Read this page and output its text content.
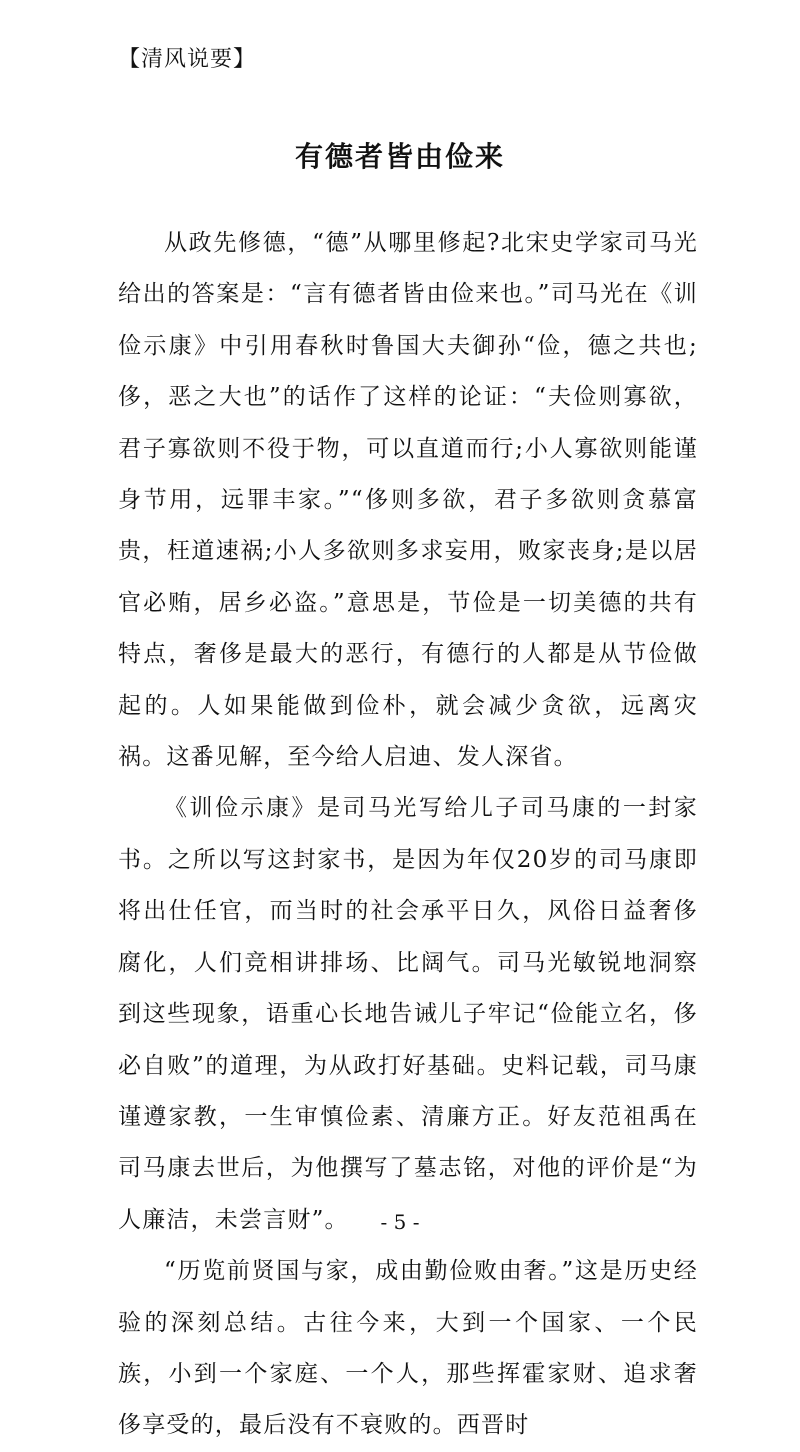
【清风说要】
有德者皆由俭来

从政先修德，“德”从哪里修起?北宋史学家司马光给出的答案是：“言有德者皆由俭来也。”司马光在《训俭示康》中引用春秋时鲁国大夫御孙“俭，德之共也;侈，恶之大也”的话作了这样的论证：“夫俭则寡欲，君子寡欲则不役于物，可以直道而行;小人寡欲则能谨身节用，远罪丰家。”“侈则多欲，君子多欲则贪慕富贵，枉道速祸;小人多欲则多求妄用，败家丧身;是以居官必贿，居乡必盗。”意思是，节俭是一切美德的共有特点，奢侈是最大的恶行，有德行的人都是从节俭做起的。人如果能做到俭朴，就会减少贪欲，远离灾祸。这番见解，至今给人启迪、发人深省。

《训俭示康》是司马光写给儿子司马康的一封家书。之所以写这封家书，是因为年仅20岁的司马康即将出仕任官，而当时的社会承平日久，风俗日益奢侈腐化，人们竞相讲排场、比阔气。司马光敏锐地洞察到这些现象，语重心长地告诫儿子牢记“俭能立名，侈必自败”的道理，为从政打好基础。史料记载，司马康谨遵家教，一生审慎俭素、清廉方正。好友范祖禹在司马康去世后，为他撰写了墓志铭，对他的评价是“为人廉洁，未尝言财”。

“历览前贤国与家，成由勤俭败由奢。”这是历史经验的深刻总结。古往今来，大到一个国家、一个民族，小到一个家庭、一个人，那些挥霍家财、追求奢侈享受的，最后没有不衰败的。西晋时

- 5 -
